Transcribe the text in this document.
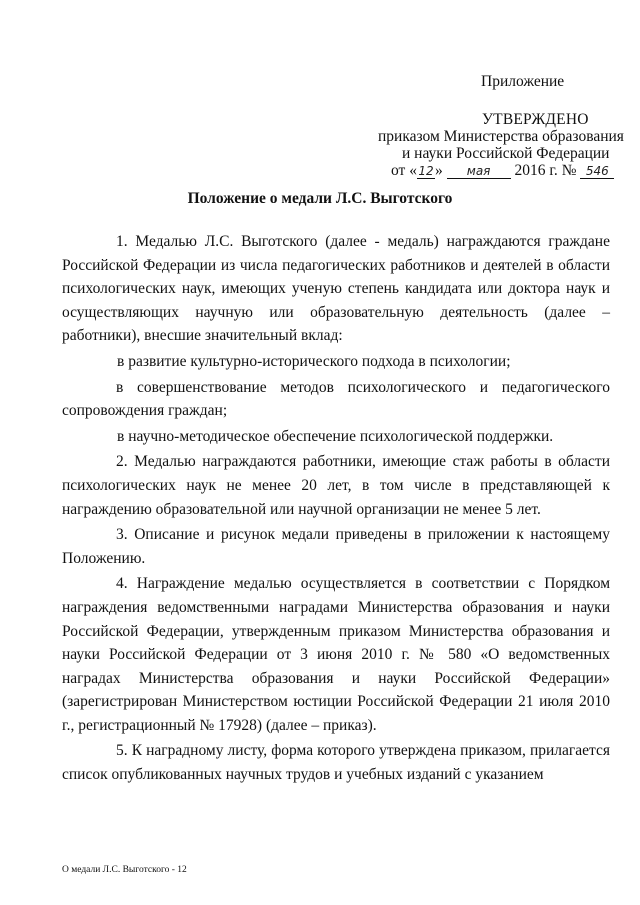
Приложение
УТВЕРЖДЕНО
приказом Министерства образования
и науки Российской Федерации
от «12» мая 2016 г. № 546
Положение о медали Л.С. Выготского

1. Медалью Л.С. Выготского (далее - медаль) награждаются граждане Российской Федерации из числа педагогических работников и деятелей в области психологических наук, имеющих ученую степень кандидата или доктора наук и осуществляющих научную или образовательную деятельность (далее – работники), внесшие значительный вклад:

в развитие культурно-исторического подхода в психологии;

в совершенствование методов психологического и педагогического сопровождения граждан;

в научно-методическое обеспечение психологической поддержки.

2. Медалью награждаются работники, имеющие стаж работы в области психологических наук не менее 20 лет, в том числе в представляющей к награждению образовательной или научной организации не менее 5 лет.

3. Описание и рисунок медали приведены в приложении к настоящему Положению.

4. Награждение медалью осуществляется в соответствии с Порядком награждения ведомственными наградами Министерства образования и науки Российской Федерации, утвержденным приказом Министерства образования и науки Российской Федерации от 3 июня 2010 г. № 580 «О ведомственных наградах Министерства образования и науки Российской Федерации» (зарегистрирован Министерством юстиции Российской Федерации 21 июля 2010 г., регистрационный № 17928) (далее – приказ).

5. К наградному листу, форма которого утверждена приказом, прилагается список опубликованных научных трудов и учебных изданий с указанием

О медали Л.С. Выготского - 12
